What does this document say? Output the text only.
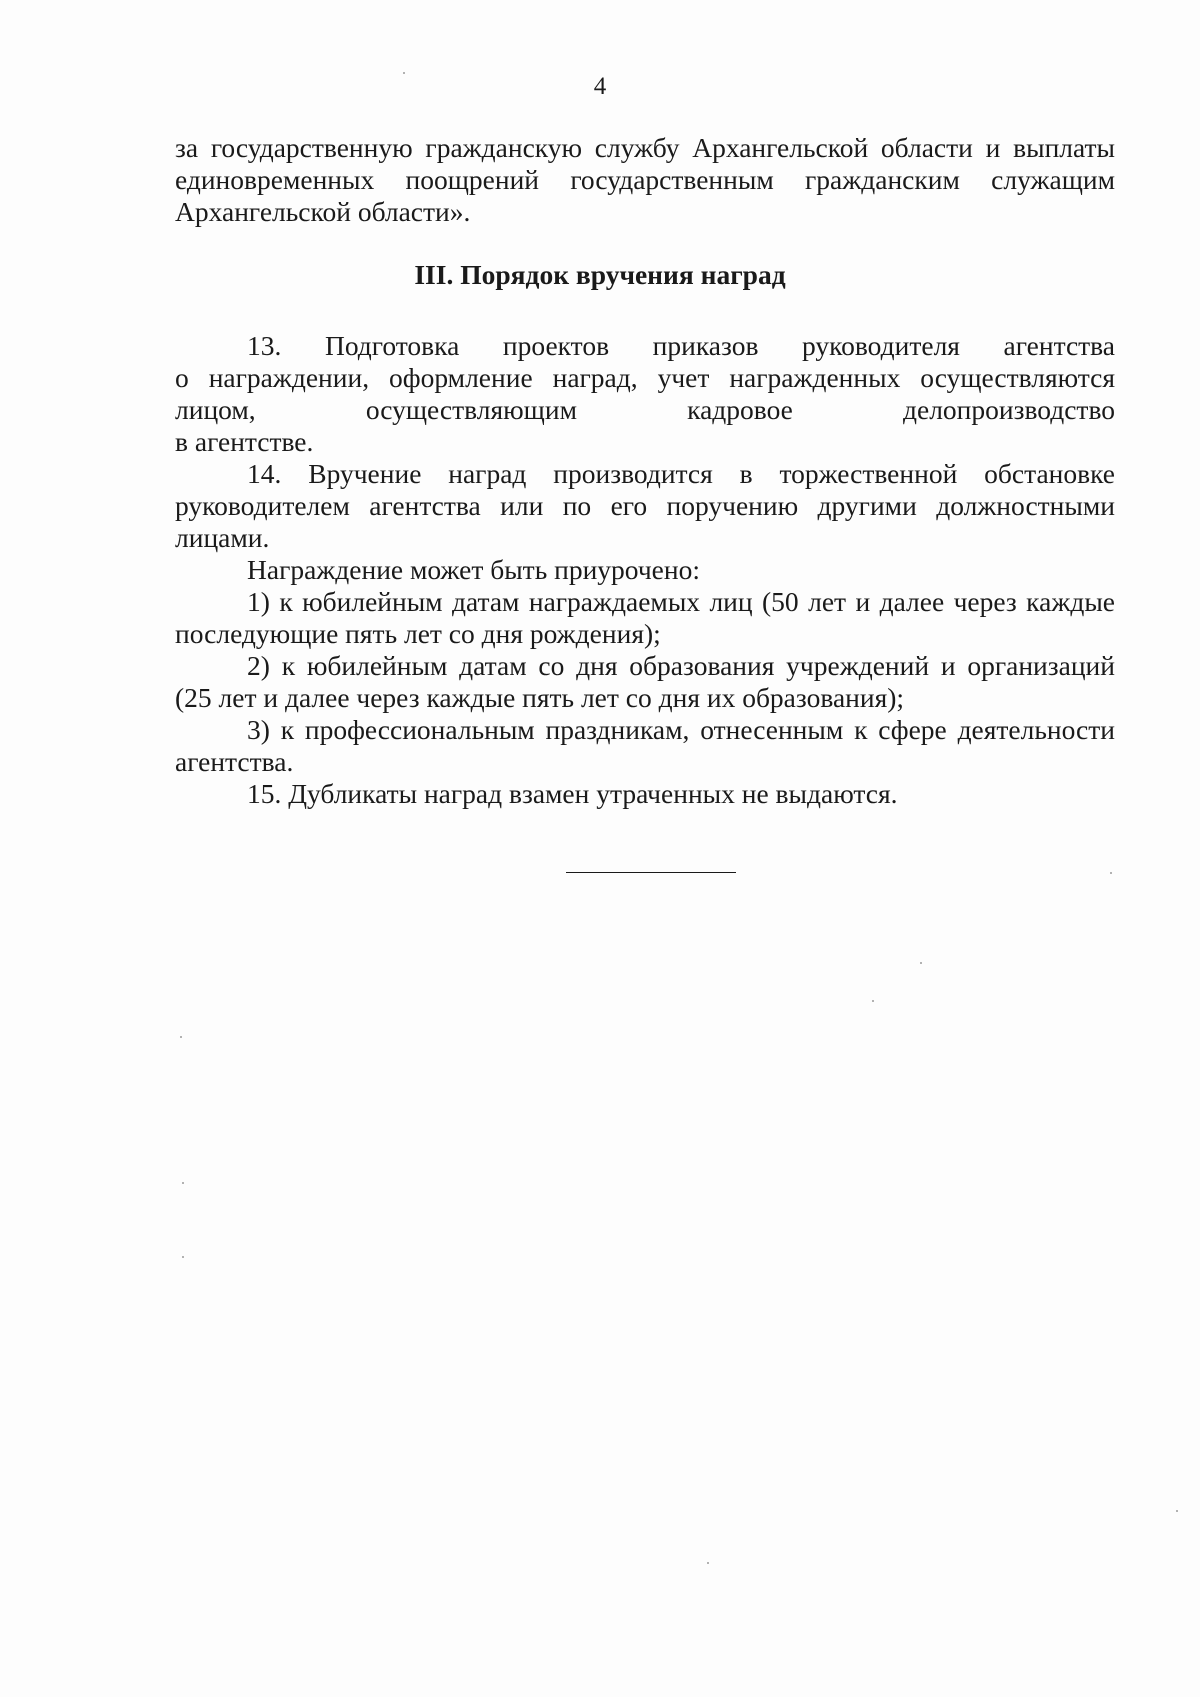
4
за государственную гражданскую службу Архангельской области и выплаты
единовременных поощрений государственным гражданским служащим
Архангельской области».
III. Порядок вручения наград
13. Подготовка проектов приказов руководителя агентства
о награждении, оформление наград, учет награжденных осуществляются
лицом, осуществляющим кадровое делопроизводство
в агентстве.
14. Вручение наград производится в торжественной обстановке
руководителем агентства или по его поручению другими должностными
лицами.
Награждение может быть приурочено:
1) к юбилейным датам награждаемых лиц (50 лет и далее через каждые
последующие пять лет со дня рождения);
2) к юбилейным датам со дня образования учреждений и организаций
(25 лет и далее через каждые пять лет со дня их образования);
3) к профессиональным праздникам, отнесенным к сфере деятельности
агентства.
15. Дубликаты наград взамен утраченных не выдаются.
